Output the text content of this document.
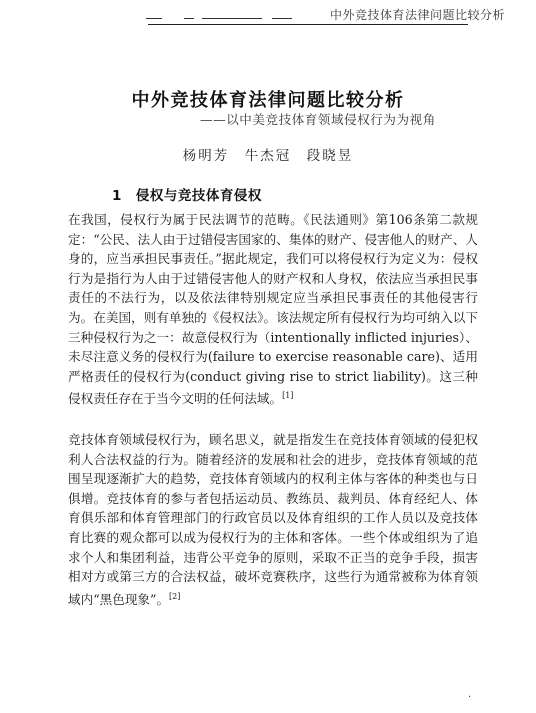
中外竞技体育法律问题比较分析
中外竞技体育法律问题比较分析
——以中美竞技体育领域侵权行为为视角
杨明芳　牛杰冠　段晓昱
1　侵权与竞技体育侵权

在我国，侵权行为属于民法调节的范畴。《民法通则》第106条第二款规定：“公民、法人由于过错侵害国家的、集体的财产、侵害他人的财产、人身的，应当承担民事责任。”据此规定，我们可以将侵权行为定义为：侵权行为是指行为人由于过错侵害他人的财产权和人身权，依法应当承担民事责任的不法行为，以及依法律特别规定应当承担民事责任的其他侵害行为。在美国，则有单独的《侵权法》。该法规定所有侵权行为均可纳入以下三种侵权行为之一：故意侵权行为（intentionally inflicted injuries）、未尽注意义务的侵权行为(failure to exercise reasonable care)、适用严格责任的侵权行为(conduct giving rise to strict liability)。这三种侵权责任存在于当今文明的任何法域。[1]

竞技体育领域侵权行为，顾名思义，就是指发生在竞技体育领域的侵犯权利人合法权益的行为。随着经济的发展和社会的进步，竞技体育领域的范围呈现逐渐扩大的趋势，竞技体育领域内的权利主体与客体的种类也与日俱增。竞技体育的参与者包括运动员、教练员、裁判员、体育经纪人、体育俱乐部和体育管理部门的行政官员以及体育组织的工作人员以及竞技体育比赛的观众都可以成为侵权行为的主体和客体。一些个体或组织为了追求个人和集团利益，违背公平竞争的原则，采取不正当的竞争手段，损害相对方或第三方的合法权益，破坏竞赛秩序，这些行为通常被称为体育领域内“黑色现象”。[2]

·
